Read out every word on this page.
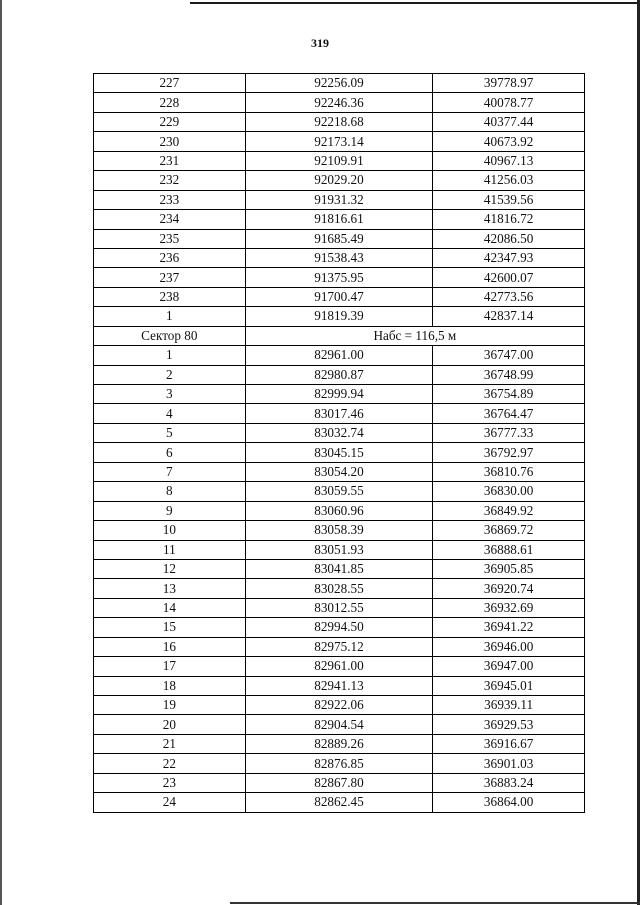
319
227	92256.09	39778.97
228	92246.36	40078.77
229	92218.68	40377.44
230	92173.14	40673.92
231	92109.91	40967.13
232	92029.20	41256.03
233	91931.32	41539.56
234	91816.61	41816.72
235	91685.49	42086.50
236	91538.43	42347.93
237	91375.95	42600.07
238	91700.47	42773.56
1	91819.39	42837.14
Сектор 80	Набс = 116,5 м	
1	82961.00	36747.00
2	82980.87	36748.99
3	82999.94	36754.89
4	83017.46	36764.47
5	83032.74	36777.33
6	83045.15	36792.97
7	83054.20	36810.76
8	83059.55	36830.00
9	83060.96	36849.92
10	83058.39	36869.72
11	83051.93	36888.61
12	83041.85	36905.85
13	83028.55	36920.74
14	83012.55	36932.69
15	82994.50	36941.22
16	82975.12	36946.00
17	82961.00	36947.00
18	82941.13	36945.01
19	82922.06	36939.11
20	82904.54	36929.53
21	82889.26	36916.67
22	82876.85	36901.03
23	82867.80	36883.24
24	82862.45	36864.00
